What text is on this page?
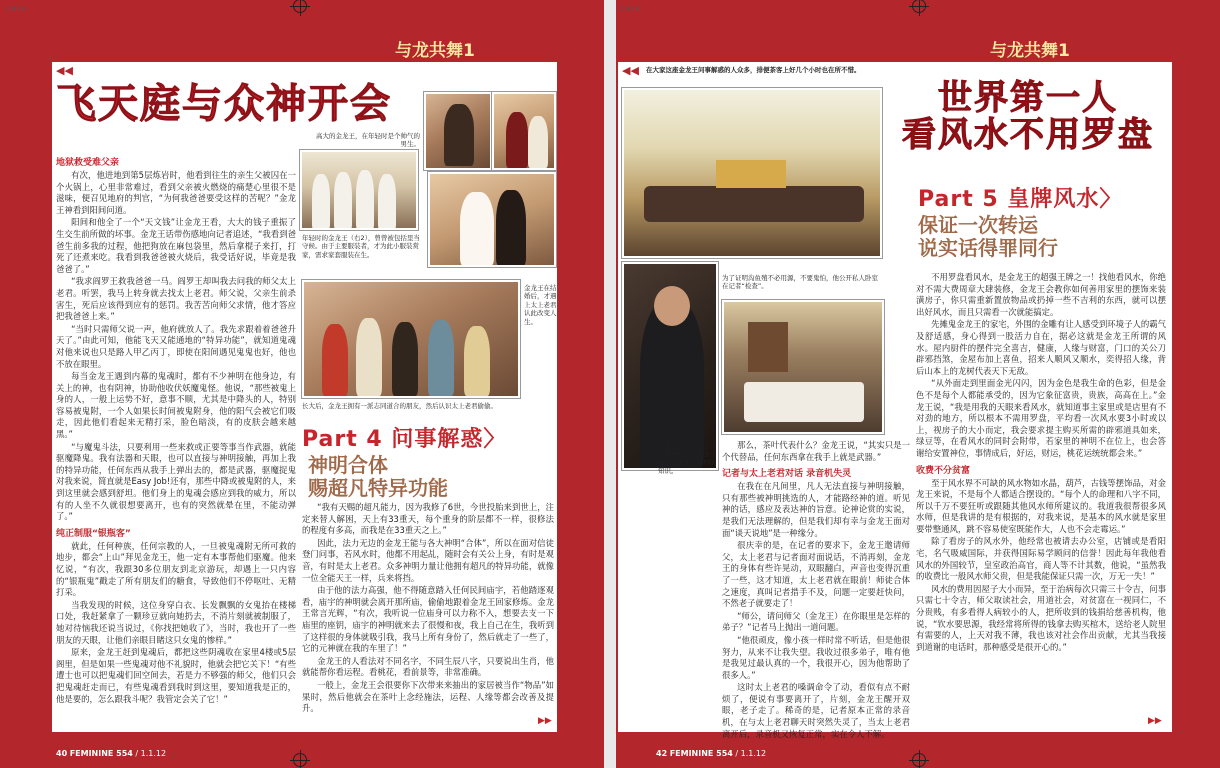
CMYK
与龙共舞1
◀◀
飞天庭与众神开会
地狱救受难父亲

有次，他进地到第5层炼岩时，他看到往生的亲生父被囚在一个火锅上，心里非常难过，看到父亲被火燃烧的痛楚心里很不是滋味，便召见地府的判官，“为何我爸爸要受这样的苦呢？”金龙王神看到阳间问道。

阳间和他全了一个“天文钱”让金龙王看，大大的钱子重振了生交生前所做的坏事。金龙王话带伤感地向记者追述，“我看到爸爸生前多我的过程，他把狗放在麻包袋里，然后拿棍子来打，打死了还煮来吃。我看到我爸爸被火烧后，我受话好说，毕竟是我爸爸了。”

“我求阎罗王救我爸爸一马。阎罗王却叫我去问我的师父太上老君。听罢，我马上转身就去找太上老君。师父说，父亲生前杀害生，死后应该得到应有的惩罚。我苦苦向师父求情，他才答应把我爸爸上来。”

“当时只需师父说一声，他府就放人了。我先求跟着着爸爸升天了。”由此可知，他能飞天又能通地的“特异功能”，就知道鬼魂对他来说也只是路人甲乙丙丁，即使在阳间遇见鬼鬼也好，他也不放在眼里。

每当金龙王遇到内幕的鬼魂时，都有不少神明在他身边，有关上的神，也有阴神，协助他收伏妖魔鬼怪。他说，“那些被鬼上身的人，一般上运势不好，意事不顺，尤其是中降头的人，特别容易被鬼附，一个人如果长时间被鬼附身，他的阳气会被它们吸走，因此他们看起来无精打采，脸色暗淡，有的皮肤会越来越黑。”

“与魔鬼斗法，只要利用一些来救或正要等事当作武器，就能驱魔降鬼。我有法器和天眼，也可以直接与神明接触，再加上我的特异功能，任何东西从我手上弹出去的，都是武器，驱魔捉鬼对我来说，简直就是Easy Job!还有，那些中降或被鬼附的人，来到这里就会感到舒坦。他们身上的鬼魂会感应到我的威力，所以有的人坐不久就很想要离开，也有的突然就晕在里，不能动弹了。”

纯正制服“银瓶客”

就此，任何种族，任何宗教的人，一旦被鬼魂附无所可救的地步，都会“上山”拜见金龙王，他一定有本事帮他们驱魔。他来忆说，“有次，我跟30多位朋友到北京游玩，却遇上一只内容的“银瓶鬼”戳走了所有朋友们的糖食，导致他们不停呕吐、无精打采。

当我发现的时候，这位身穿白衣、长发飘飘的女鬼抬在楼梯口处，我赶紧拿了一颗珍豆就向她扔去，不消片刻就被制服了，她对待恼我还说当说过，《你找把她收了》，当时，我也开了一些朋友的天眼，让他们亲眼目睹这只女鬼的惨样。”

原来，金龙王赶到鬼魂后，都把这些阴魂收在家里4楼或5层阁里，但是如果一些鬼魂对他不礼貌时，他就会把它关下！“有些遭士也可以把鬼魂们回空间去，若是力不够强的师父，他们只会把鬼魂赶走而已，有些鬼魂看到我时到这里，要知道我是正的，他是要的，怎么跟我斗呢？我管定会关了它！”

高大的金龙王，在年轻时是个帅气的男生。
年轻时的金龙王（右2），曾曾被包括里当守候。由于主要服装者，才为此小服装赏家，需求家套服装在生。
金龙王在结婚后，才遇上太上老君认此改变人生。
长大后，金龙王拥有一派志同道合的朋友，然后认识太上老君偷偷。
Part 4 问事解惑〉
神明合体
赐超凡特异功能

“我有天赐的超凡能力，因为我修了6世，今世投胎来到世上，注定来替人解困，天上有33重天，每个重身的阶层都不一样，很修法的程度有多高，而我是在33重天之上。”

因此，法力无边的金龙王能与各大神明“合体”，所以在面对信徒登门问事，若风水时，他都不用起乩，随时会有关公上身，有时是观音，有时是太上老君。众多神明力量让他拥有超凡的特异功能，就像一位全能天王一样，兵来将挡。

由于他的法力高强，他不得随意踏入任何民间庙宇，若他踏逐观看，庙宇的神明就会离开那所庙，偷偷地跟着金龙王回家修炼。金龙王常言光辉，“有次，我听说一位庙身可以力称不入，想要去支一下庙里的座钥，庙宇的神明就来去了很慢和夜，我上自己在生，我听到了这样很的身体就吸引我，我马上所有身份了，然后就走了一些了，它的元神就在我的车里了！”

金龙王的人看法对不同名字，不同生辰八字，只要说出生肖，他就能帮你看运程。看桃花，看前景等，非常准确。

一般上，金龙王会很要你下次带来来抽出的家居被当作“物品”如果时，然后他就会在茶叶上念经施法，运程、人缘等都会改善及提升。

▶▶
40 FEMININE 554 / 1.1.12
CMYK
与龙共舞1
◀◀ 在大家这座金龙王问事解惑的人众多，排便茶客上好几个小时也在所不惜。
世界第一人
看风水不用罗盘
Part 5 皇牌风水〉
保证一次转运
说实话得罪同行
为了证明沟鱼殖不必用源，不要鬼怕，他公开私人卧室在记者“检查”。
金龙王的儿子对于这位面神对外，也去了解了其他更多神明的知识。

那么，茶叶代表什么？金龙王说，“其实只是一个代替品，任何东西拿在我手上就是武器。”

记者与太上老君对话 录音机失灵

在我在在凡间里，凡人无法直接与神明接触，只有那些被神明挑选的人，才能路经神的道。听见神的话，感应及表达神的旨意。论神论赏的实说，是我们无法理解的，但是我们却有幸与金龙王面对面“谈天说地”是一种缘分。

很庆幸的是，在记者的要求下，金龙王邀请师父，太上老君与记者面对面说话，不消再刻，金龙王的身体有些许晃动，双眼翻白，声音也变得沉重了一些，这才知道，太上老君就在眼前！师徒合体之速度，真叫记者措手不及，问题一定要赶快问，不然老子就要走了！

“师公，请问师父（金龙王）在你眼里是怎样的弟子？”记者马上抛出一道问题。

“他很顽皮，像小孩一样时常不听话，但是他很努力，从来不让我失望。我收过很多弟子，唯有他是我见过最认真的一个，我很开心，因为他帮助了很多人。”

这时太上老君的嗓调命令了动，看似有点不耐烦了，便说有事要离开了，片刻，金龙王醒开双眼，老子走了。稀奇的是，记者原本正常的录音机，在与太上老君聊天时突然失灵了，当太上老君离开后，录音机又恢复正常，实在令人不解。

不用罗盘看风水，是金龙王的超强王牌之一！找他看风水，你绝对不需大费周章大肆装修，金龙王会教你如何善用家里的摆饰来装潢房子，你只需重新置放物品或扔掉一些不吉利的东西，就可以摆出好风水，而且只需看一次就能搞定。

先摊鬼金龙王的家宅，外围的金雕有让人感受到环境子人的霸气及舒适感，身心得到一股活力自在，据必这就是金龙王所谓的风水。屋内厨件的摆件完全喜吉，健康，人缘与财富，门口的关公刀辟邪挡煞，金屋布加上喜鱼，招来人顺风又顺水，奕得招人缘，背后山本上的龙树代表天下无敌。

“从外面走到里面金光闪闪，因为金色是我生命的色彩，但是金色不是每个人都能承受的，因为它象征富贵，贵族，高高在上。”金龙王说，“我是用我的天眼来看风水，就知道事主家里或是店里有不对劲的地方，所以根本不需用罗盘，平均看一次风水要3小时或以上，视房子的大小而定，我会要求提主购买所需的辟邪道具如来，绿豆等，在看风水的同时会附带，若家里的神明不在位上，也会答谢给安置神位，事情成后，好运，财运，桃花运统统都会来。”

收费不分贫富

至于风水界不可缺的风水物如水晶，葫芦，古钱等摆饰品，对金龙王来说，不是每个人都适合摆设的。“每个人的命理和八字不同，所以千万不要狂听或跟随其他风水师所建议的。我道我很帮很多风水师，但是我讲的是有根据的，对我来说，是基本的风水就是家里要带整通风，跳不容易使室既能作大，人也不会走霉运。”

除了看房子的风水外，他经常也被请去办公室，店铺或是看阳宅，名气吸威国际，并获得国际易学顾问的信誉！因此每年我他看风水的外国较节，皇室政治高官，商人等不计其数，他说，“虽然我的收费比一般风水师父贵，但是我能保证只需一次，万无一失！”

风水的费用因屋子大小而异，至于治病每次只需三十令吉，问事只需七十令吉，师父取读社会，用道社会，对贫富在一视同仁，不分贵贱，有多看得人病较小的人，把所收到的钱捐给慈善机构，他说，“钦水要思源，我经常将所得的钱拿去购买棺木，送给老人院里有需要的人，上天对我不薄，我也该对社会作出贡献，尤其当我接到道谢的电话时，那种感受是很开心的。”

▶▶
42 FEMININE 554 / 1.1.12
